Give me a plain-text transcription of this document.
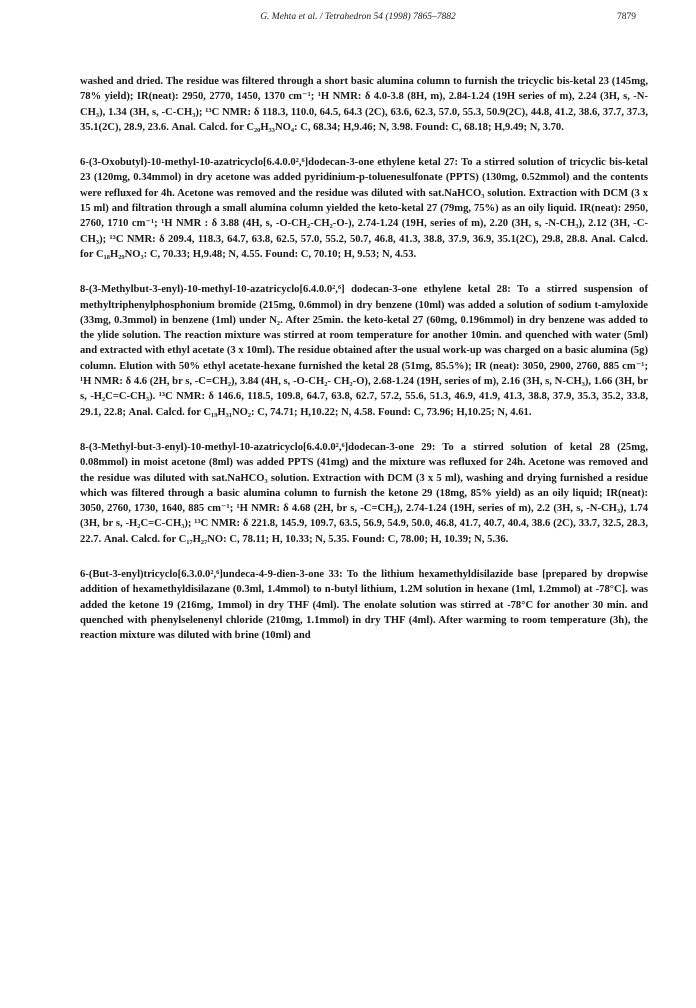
G. Mehta et al. / Tetrahedron 54 (1998) 7865–7882	7879

washed and dried. The residue was filtered through a short basic alumina column to furnish the tricyclic bis-ketal 23 (145mg, 78% yield); IR(neat): 2950, 2770, 1450, 1370 cm⁻¹; ¹H NMR: δ 4.0-3.8 (8H, m), 2.84-1.24 (19H series of m), 2.24 (3H, s, -N-CH₃), 1.34 (3H, s, -C-CH₃); ¹³C NMR: δ 118.3, 110.0, 64.5, 64.3 (2C), 63.6, 62.3, 57.0, 55.3, 50.9(2C), 44.8, 41.2, 38.6, 37.7, 37.3, 35.1(2C), 28.9, 23.6. Anal. Calcd. for C₂₀H₃₃NO₄: C, 68.34; H,9.46; N, 3.98. Found: C, 68.18; H,9.49; N, 3.70.

6-(3-Oxobutyl)-10-methyl-10-azatricyclo[6.4.0.0²,⁶]dodecan-3-one ethylene ketal 27: To a stirred solution of tricyclic bis-ketal 23 (120mg, 0.34mmol) in dry acetone was added pyridinium-p-toluenesulfonate (PPTS) (130mg, 0.52mmol) and the contents were refluxed for 4h. Acetone was removed and the residue was diluted with sat.NaHCO₃ solution. Extraction with DCM (3 x 15 ml) and filtration through a small alumina column yielded the keto-ketal 27 (79mg, 75%) as an oily liquid. IR(neat): 2950, 2760, 1710 cm⁻¹; ¹H NMR : δ 3.88 (4H, s, -O-CH₂-CH₂-O-), 2.74-1.24 (19H, series of m), 2.20 (3H, s, -N-CH₃), 2.12 (3H, -C-CH₃); ¹³C NMR: δ 209.4, 118.3, 64.7, 63.8, 62.5, 57.0, 55.2, 50.7, 46.8, 41.3, 38.8, 37.9, 36.9, 35.1(2C), 29.8, 28.8. Anal. Calcd. for C₁₈H₂₉NO₃: C, 70.33; H,9.48; N, 4.55. Found: C, 70.10; H, 9.53; N, 4.53.

8-(3-Methylbut-3-enyl)-10-methyl-10-azatricyclo[6.4.0.0²,⁶] dodecan-3-one ethylene ketal 28: To a stirred suspension of methyltriphenylphosphonium bromide (215mg, 0.6mmol) in dry benzene (10ml) was added a solution of sodium t-amyloxide (33mg, 0.3mmol) in benzene (1ml) under N₂. After 25min. the keto-ketal 27 (60mg, 0.196mmol) in dry benzene was added to the ylide solution. The reaction mixture was stirred at room temperature for another 10min. and quenched with water (5ml) and extracted with ethyl acetate (3 x 10ml). The residue obtained after the usual work-up was charged on a basic alumina (5g) column. Elution with 50% ethyl acetate-hexane furnished the ketal 28 (51mg, 85.5%); IR (neat): 3050, 2900, 2760, 885 cm⁻¹; ¹H NMR: δ 4.6 (2H, br s, -C=CH₂), 3.84 (4H, s, -O-CH₂- CH₂-O), 2.68-1.24 (19H, series of m), 2.16 (3H, s, N-CH₃), 1.66 (3H, br s, -H₂C=C-CH₃). ¹³C NMR: δ 146.6, 118.5, 109.8, 64.7, 63.8, 62.7, 57.2, 55.6, 51.3, 46.9, 41.9, 41.3, 38.8, 37.9, 35.3, 35.2, 33.8, 29.1, 22.8; Anal. Calcd. for C₁₉H₃₁NO₂: C, 74.71; H,10.22; N, 4.58. Found: C, 73.96; H,10.25; N, 4.61.

8-(3-Methyl-but-3-enyl)-10-methyl-10-azatricyclo[6.4.0.0²,⁶]dodecan-3-one 29: To a stirred solution of ketal 28 (25mg, 0.08mmol) in moist acetone (8ml) was added PPTS (41mg) and the mixture was refluxed for 24h. Acetone was removed and the residue was diluted with sat.NaHCO₃ solution. Extraction with DCM (3 x 5 ml), washing and drying furnished a residue which was filtered through a basic alumina column to furnish the ketone 29 (18mg, 85% yield) as an oily liquid; IR(neat): 3050, 2760, 1730, 1640, 885 cm⁻¹; ¹H NMR: δ 4.68 (2H, br s, -C=CH₂), 2.74-1.24 (19H, series of m), 2.2 (3H, s, -N-CH₃), 1.74 (3H, br s, -H₂C=C-CH₃); ¹³C NMR: δ 221.8, 145.9, 109.7, 63.5, 56.9, 54.9, 50.0, 46.8, 41.7, 40.7, 40.4, 38.6 (2C), 33.7, 32.5, 28.3, 22.7. Anal. Calcd. for C₁₇H₂₇NO: C, 78.11; H, 10.33; N, 5.35. Found: C, 78.00; H, 10.39; N, 5.36.

6-(But-3-enyl)tricyclo[6.3.0.0²,⁶]undeca-4-9-dien-3-one 33: To the lithium hexamethyldisilazide base [prepared by dropwise addition of hexamethyldisilazane (0.3ml, 1.4mmol) to n-butyl lithium, 1.2M solution in hexane (1ml, 1.2mmol) at -78°C]. was added the ketone 19 (216mg, 1mmol) in dry THF (4ml). The enolate solution was stirred at -78°C for another 30 min. and quenched with phenylselenenyl chloride (210mg, 1.1mmol) in dry THF (4ml). After warming to room temperature (3h), the reaction mixture was diluted with brine (10ml) and
